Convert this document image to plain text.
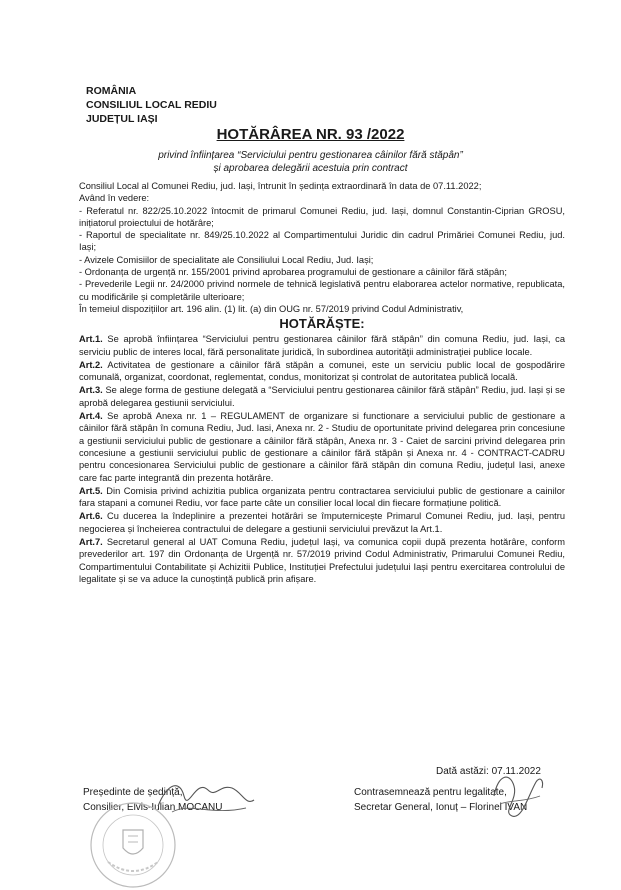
ROMÂNIA
CONSILIUL LOCAL REDIU
JUDEȚUL IAȘI
HOTĂRÂREA NR. 93 /2022
privind înființarea “Serviciului pentru gestionarea câinilor fără stăpân”
și aprobarea delegării acestuia prin contract

Consiliul Local al Comunei Rediu, jud. Iași, întrunit în ședința extraordinară în data de 07.11.2022;

Având în vedere:

- Referatul nr. 822/25.10.2022 întocmit de primarul Comunei Rediu, jud. Iași, domnul Constantin-Ciprian GROSU, inițiatorul proiectului de hotărâre;

- Raportul de specialitate nr. 849/25.10.2022 al Compartimentului Juridic din cadrul Primăriei Comunei Rediu, jud. Iași;

- Avizele Comisiilor de specialitate ale Consiliului Local Rediu, Jud. Iași;

- Ordonanța de urgență nr. 155/2001 privind aprobarea programului de gestionare a câinilor fără stăpân;

- Prevederile Legii nr. 24/2000 privind normele de tehnică legislativă pentru elaborarea actelor normative, republicata, cu modificările și completările ulterioare;

În temeiul dispozițiilor art. 196 alin. (1) lit. (a) din OUG nr. 57/2019 privind Codul Administrativ,

HOTĂRĂȘTE:

Art.1. Se aprobă înființarea “Serviciului pentru gestionarea câinilor fără stăpân” din comuna Rediu, jud. Iași, ca serviciu public de interes local, fără personalitate juridică, în subordinea autorităţii administraţiei publice locale.

Art.2. Activitatea de gestionare a câinilor fără stăpân a comunei, este un serviciu public local de gospodărire comunală, organizat, coordonat, reglementat, condus, monitorizat și controlat de autoritatea publică locală.

Art.3. Se alege forma de gestiune delegată a “Serviciului pentru gestionarea câinilor fără stăpân” Rediu, jud. Iași și se aprobă delegarea gestiunii serviciului.

Art.4. Se aprobă Anexa nr. 1 – REGULAMENT de organizare si functionare a serviciului public de gestionare a câinilor fără stăpân în comuna Rediu, Jud. Iasi, Anexa nr. 2 - Studiu de oportunitate privind delegarea prin concesiune a gestiunii serviciului public de gestionare a câinilor fără stăpân, Anexa nr. 3 - Caiet de sarcini privind delegarea prin concesiune a gestiunii serviciului public de gestionare a câinilor fără stăpân și Anexa nr. 4 - CONTRACT-CADRU pentru concesionarea Serviciului public de gestionare a câinilor fără stăpân din comuna Rediu, județul Iasi, anexe care fac parte integrantă din prezenta hotărâre.

Art.5. Din Comisia privind achizitia publica organizata pentru contractarea serviciului public de gestionare a cainilor fara stapani a comunei Rediu, vor face parte câte un consilier local local din fiecare formațiune politică.

Art.6. Cu ducerea la îndeplinire a prezentei hotărâri se împuternicește Primarul Comunei Rediu, jud. Iași, pentru negocierea și încheierea contractului de delegare a gestiunii serviciului prevăzut la Art.1.

Art.7. Secretarul general al UAT Comuna Rediu, județul Iași, va comunica copii după prezenta hotărâre, conform prevederilor art. 197 din Ordonanța de Urgență nr. 57/2019 privind Codul Administrativ, Primarului Comunei Rediu, Compartimentului Contabilitate și Achizitii Publice, Instituției Prefectului județului Iași pentru exercitarea controlului de legalitate și se va aduce la cunoștință publică prin afișare.

Dată astăzi: 07.11.2022
Președinte de ședință,
Consilier, Elvis-Iulian MOCANU
Contrasemnează pentru legalitate,
Secretar General, Ionuț – Florinel IVAN
